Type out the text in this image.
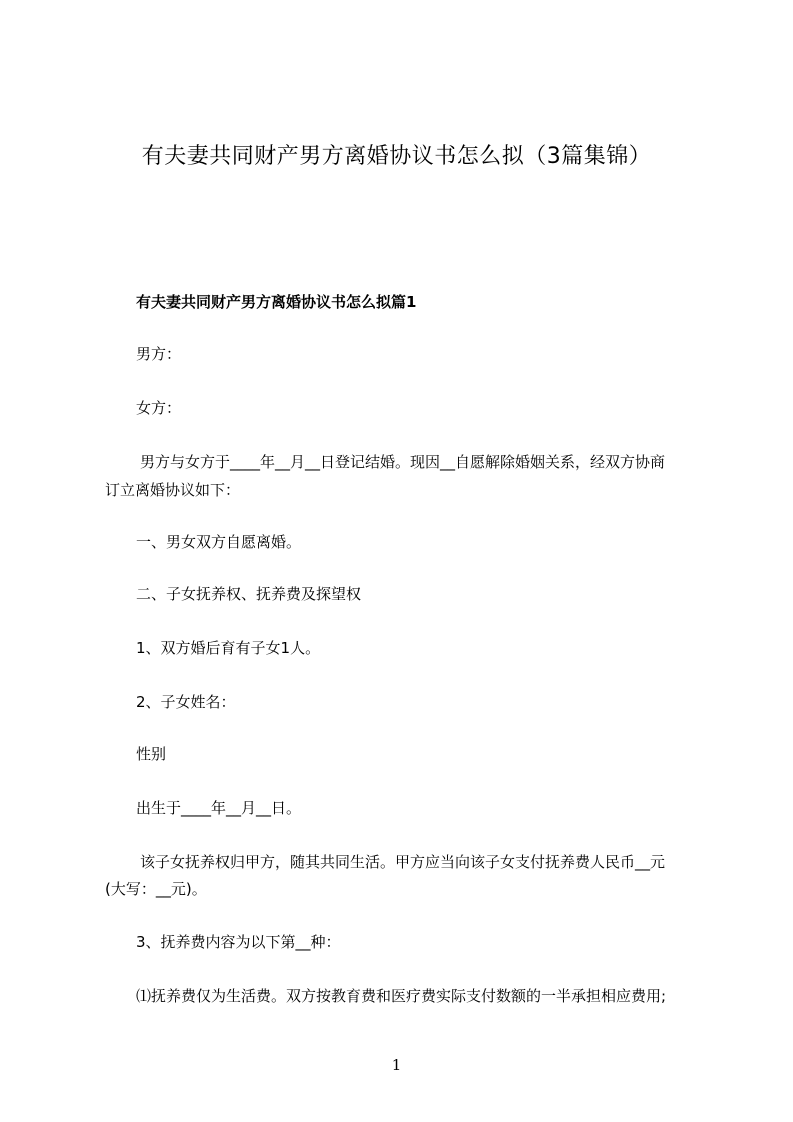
有夫妻共同财产男方离婚协议书怎么拟（3篇集锦）
有夫妻共同财产男方离婚协议书怎么拟篇1
男方：
女方：
男方与女方于____年__月__日登记结婚。现因__自愿解除婚姻关系，经双方协商
订立离婚协议如下：
一、男女双方自愿离婚。
二、子女抚养权、抚养费及探望权
1、双方婚后育有子女1人。
2、子女姓名：
性别
出生于____年__月__日。
该子女抚养权归甲方，随其共同生活。甲方应当向该子女支付抚养费人民币__元
(大写：__元)。
3、抚养费内容为以下第__种：
⑴抚养费仅为生活费。双方按教育费和医疗费实际支付数额的一半承担相应费用;
1
